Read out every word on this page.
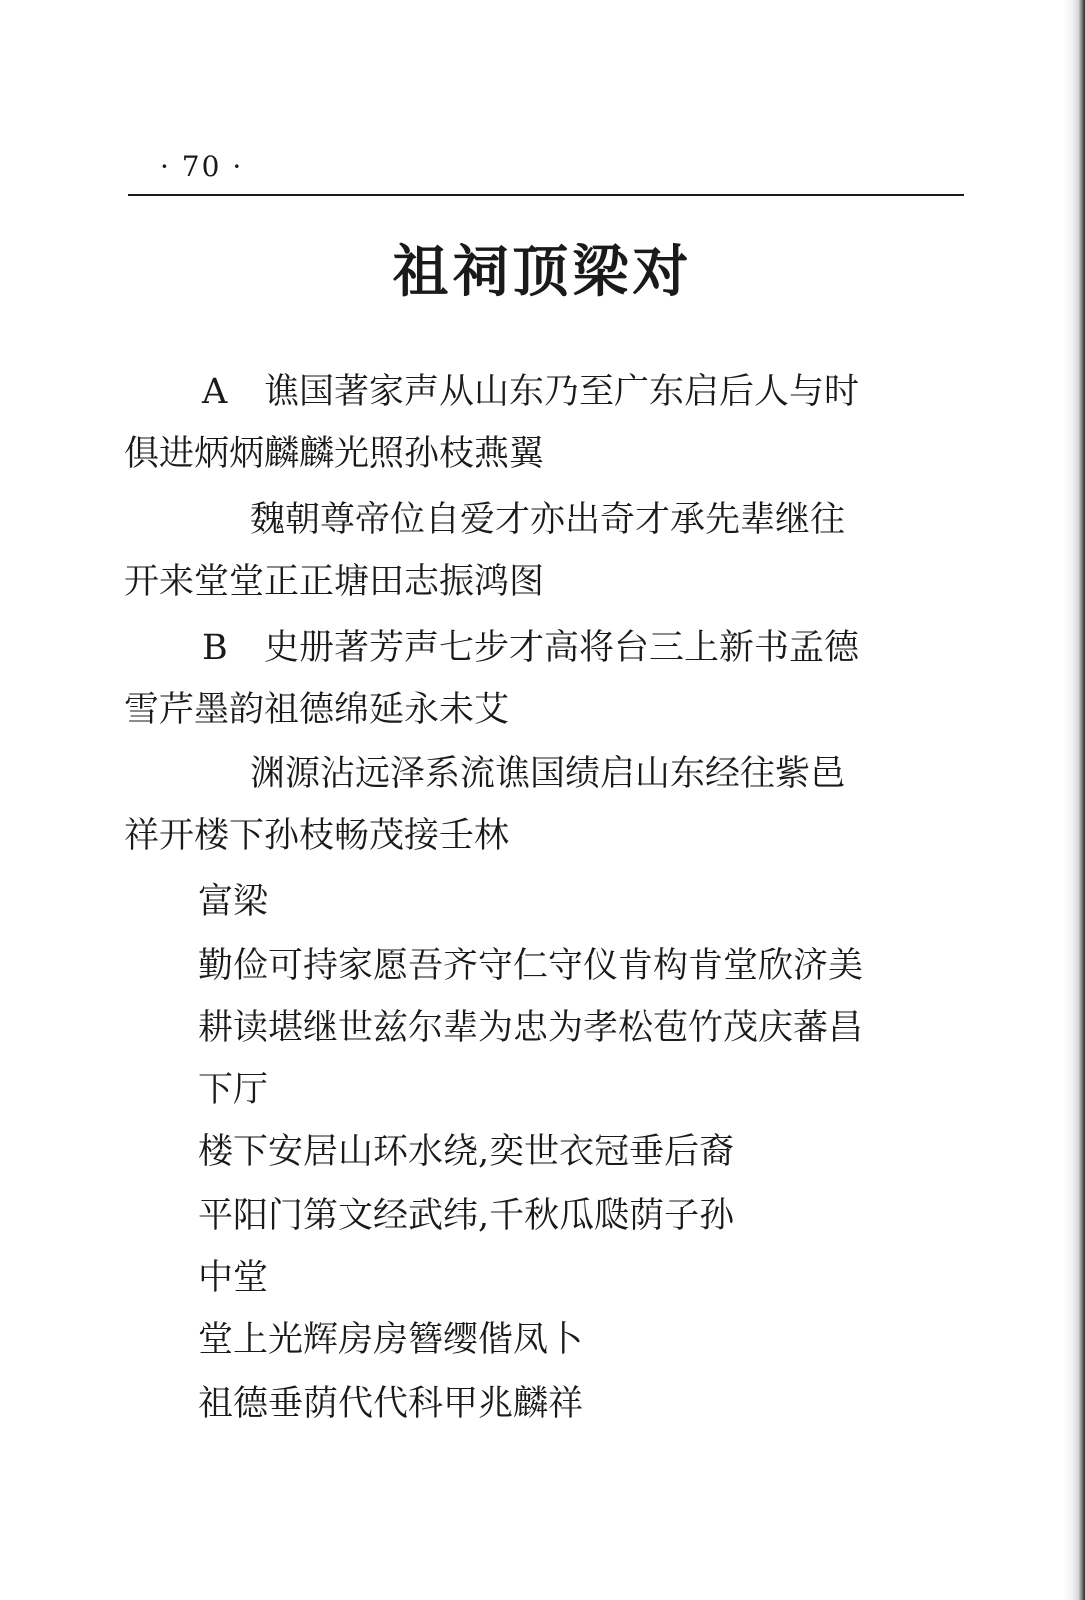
· 70 ·
祖祠顶梁对
A 谯国著家声从山东乃至广东启后人与时
俱进炳炳麟麟光照孙枝燕翼
魏朝尊帝位自爱才亦出奇才承先辈继往
开来堂堂正正塘田志振鸿图
B 史册著芳声七步才高将台三上新书孟德
雪芹墨韵祖德绵延永未艾
渊源沾远泽系流谯国绩启山东经往紫邑
祥开楼下孙枝畅茂接壬林
富梁
勤俭可持家愿吾齐守仁守仪肯构肯堂欣济美
耕读堪继世兹尔辈为忠为孝松苞竹茂庆蕃昌
下厅
楼下安居山环水绕,奕世衣冠垂后裔
平阳门第文经武纬,千秋瓜瓞荫子孙
中堂
堂上光辉房房簪缨偕凤卜
祖德垂荫代代科甲兆麟祥
